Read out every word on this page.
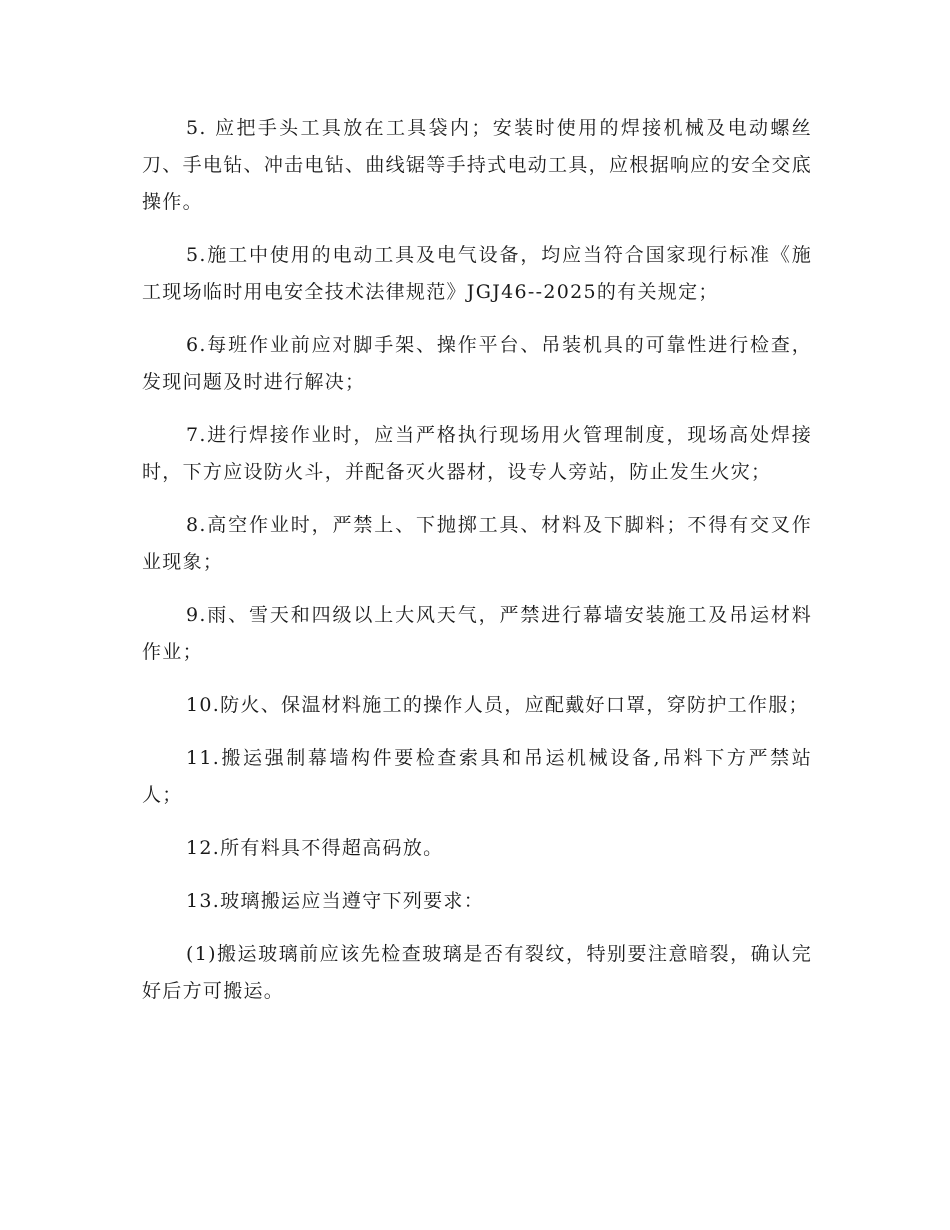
5. 应把手头工具放在工具袋内；安装时使用的焊接机械及电动螺丝刀、手电钻、冲击电钻、曲线锯等手持式电动工具，应根据响应的安全交底操作。

5.施工中使用的电动工具及电气设备，均应当符合国家现行标准《施工现场临时用电安全技术法律规范》JGJ46--2025的有关规定；

6.每班作业前应对脚手架、操作平台、吊装机具的可靠性进行检查，发现问题及时进行解决；

7.进行焊接作业时，应当严格执行现场用火管理制度，现场高处焊接时，下方应设防火斗，并配备灭火器材，设专人旁站，防止发生火灾；

8.高空作业时，严禁上、下抛掷工具、材料及下脚料；不得有交叉作业现象；

9.雨、雪天和四级以上大风天气，严禁进行幕墙安装施工及吊运材料作业；

10.防火、保温材料施工的操作人员，应配戴好口罩，穿防护工作服；

11.搬运强制幕墙构件要检查索具和吊运机械设备,吊料下方严禁站人；

12.所有料具不得超高码放。

13.玻璃搬运应当遵守下列要求：

(1)搬运玻璃前应该先检查玻璃是否有裂纹，特别要注意暗裂，确认完好后方可搬运。
